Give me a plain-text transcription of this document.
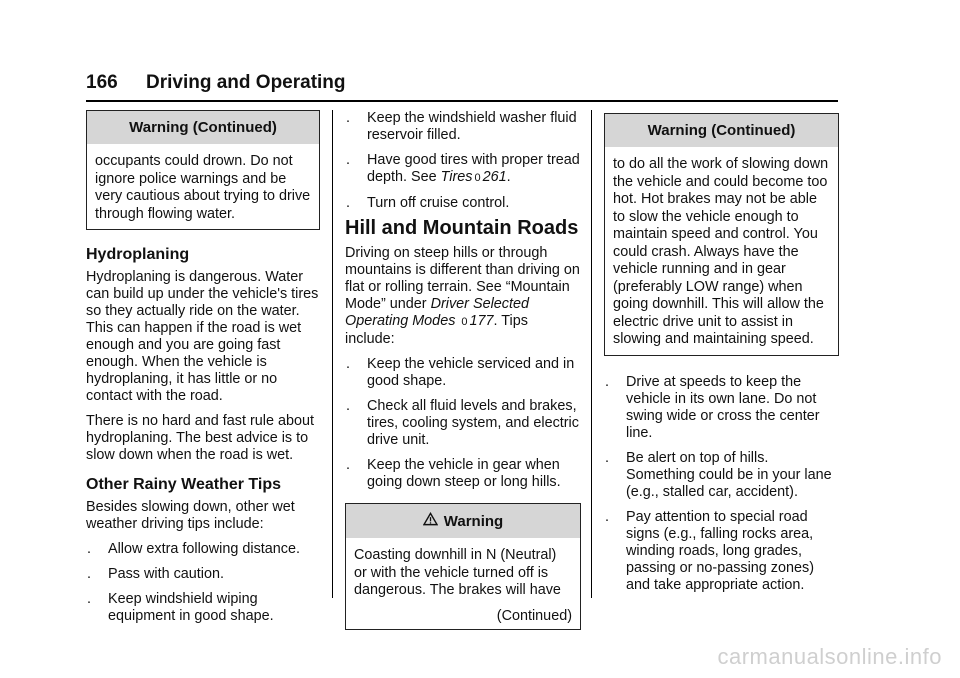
166 Driving and Operating
Warning (Continued)
occupants could drown. Do not ignore police warnings and be very cautious about trying to drive through flowing water.
Hydroplaning

Hydroplaning is dangerous. Water can build up under the vehicle's tires so they actually ride on the water. This can happen if the road is wet enough and you are going fast enough. When the vehicle is hydroplaning, it has little or no contact with the road.

There is no hard and fast rule about hydroplaning. The best advice is to slow down when the road is wet.

Other Rainy Weather Tips

Besides slowing down, other wet weather driving tips include:

. Allow extra following distance.
. Pass with caution.
. Keep windshield wiping equipment in good shape.
. Keep the windshield washer fluid reservoir filled.
. Have good tires with proper tread depth. See Tires 0 261.
. Turn off cruise control.
Hill and Mountain Roads

Driving on steep hills or through mountains is different than driving on flat or rolling terrain. See “Mountain Mode” under Driver Selected Operating Modes 0 177. Tips include:

. Keep the vehicle serviced and in good shape.
. Check all fluid levels and brakes, tires, cooling system, and electric drive unit.
. Keep the vehicle in gear when going down steep or long hills.
Warning
Coasting downhill in N (Neutral) or with the vehicle turned off is dangerous. The brakes will have
(Continued)
Warning (Continued)
to do all the work of slowing down the vehicle and could become too hot. Hot brakes may not be able to slow the vehicle enough to maintain speed and control. You could crash. Always have the vehicle running and in gear (preferably LOW range) when going downhill. This will allow the electric drive unit to assist in slowing and maintaining speed.
. Drive at speeds to keep the vehicle in its own lane. Do not swing wide or cross the center line.
. Be alert on top of hills. Something could be in your lane (e.g., stalled car, accident).
. Pay attention to special road signs (e.g., falling rocks area, winding roads, long grades, passing or no-passing zones) and take appropriate action.
carmanualsonline.info
